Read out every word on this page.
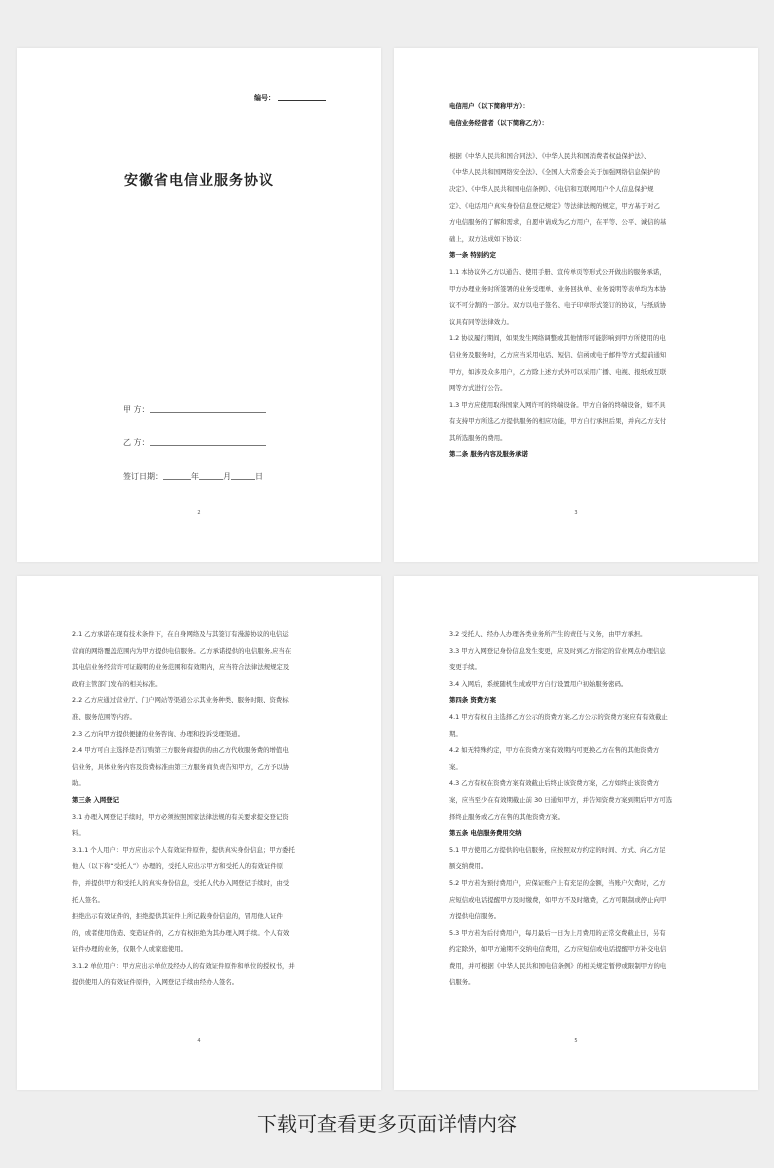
编号：
安徽省电信业服务协议
甲 方：
乙 方：
签订日期：	年	月	日
2

电信用户（以下简称甲方）：

电信业务经营者（以下简称乙方）：

根据《中华人民共和国合同法》、《中华人民共和国消费者权益保护法》、

《中华人民共和国网络安全法》、《全国人大常委会关于加强网络信息保护的

决定》、《中华人民共和国电信条例》、《电信和互联网用户个人信息保护规

定》、《电话用户真实身份信息登记规定》等法律法规的规定，甲方基于对乙

方电信服务的了解和需求，自愿申请成为乙方用户，在平等、公平、诚信的基

础上，双方达成如下协议：

第一条 特别约定

1.1 本协议外乙方以通告、使用手册、宣传单页等形式公开做出的服务承诺，

甲方办理业务时所签署的业务受理单、业务回执单、业务说明等表单均为本协

议不可分割的一部分。双方以电子签名、电子印章形式签订的协议，与纸质协

议具有同等法律效力。

1.2 协议履行期间，如果发生网络调整或其他情形可能影响到甲方所使用的电

信业务及服务时，乙方应当采用电话、短信、信函或电子邮件等方式提前通知

甲方，如涉及众多用户，乙方除上述方式外可以采用广播、电视、报纸或互联

网等方式进行公告。

1.3 甲方应使用取得国家入网许可的终端设备。甲方自备的终端设备，如不具

有支持甲方所选乙方提供服务的相应功能，甲方自行承担后果，并向乙方支付

其所选服务的费用。

第二条 服务内容及服务承诺

3

2.1 乙方承诺在现有技术条件下，在自身网络及与其签订有漫游协议的电信运

营商的网络覆盖范围内为甲方提供电信服务。乙方承诺提供的电信服务,应当在

其电信业务经营许可证载明的业务范围和有效期内，应当符合法律法规规定及

政府主管部门发布的相关标准。

2.2 乙方应通过营业厅、门户网站等渠道公示其业务种类、服务时限、资费标

准、服务范围等内容。

2.3 乙方向甲方提供便捷的业务咨询、办理和投诉受理渠道。

2.4 甲方可自主选择是否订购第三方服务商提供的由乙方代收服务费的增值电

信业务，具体业务内容及资费标准由第三方服务商负责告知甲方，乙方予以协

助。

第三条 入网登记

3.1 办理入网登记手续时，甲方必须按照国家法律法规的有关要求提交登记资

料。

3.1.1 个人用户：甲方应出示个人有效证件原件，提供真实身份信息；甲方委托

他人（以下称“受托人”）办理的，受托人应出示甲方和受托人的有效证件原

件，并提供甲方和受托人的真实身份信息，受托人代办入网登记手续时，由受

托人签名。

拒绝出示有效证件的，拒绝提供其证件上所记载身份信息的，冒用他人证件

的，或者使用伪造、变造证件的，乙方有权拒绝为其办理入网手续。个人有效

证件办理的业务，仅限个人或家庭使用。

3.1.2 单位用户：甲方应出示单位及经办人的有效证件原件和单位的授权书，并

提供使用人的有效证件原件，入网登记手续由经办人签名。

4

3.2 受托人、经办人办理各类业务所产生的责任与义务，由甲方承担。

3.3 甲方入网登记身份信息发生变更，应及时到乙方指定的营业网点办理信息

变更手续。

3.4 入网后，系统随机生成或甲方自行设置用户初始服务密码。

第四条 资费方案

4.1 甲方有权自主选择乙方公示的资费方案,乙方公示的资费方案应有有效截止

期。

4.2 如无特殊约定，甲方在资费方案有效期内可更换乙方在售的其他资费方

案。

4.3 乙方有权在资费方案有效截止后终止该资费方案，乙方如终止该资费方

案，应当至少在有效期截止前 30 日通知甲方，并告知资费方案到期后甲方可选

择终止服务或乙方在售的其他资费方案。

第五条 电信服务费用交纳

5.1 甲方使用乙方提供的电信服务，应按照双方约定的时间、方式、向乙方足

额交纳费用。

5.2 甲方若为预付费用户，应保证账户上有充足的金额，当账户欠费时，乙方

应短信或电话提醒甲方及时缴费，如甲方不及时缴费，乙方可限制或停止向甲

方提供电信服务。

5.3 甲方若为后付费用户，每月最后一日为上月费用的正常交费截止日，另有

约定除外，如甲方逾期不交纳电信费用，乙方应短信或电话提醒甲方补交电信

费用，并可根据《中华人民共和国电信条例》的相关规定暂停或限制甲方的电

信服务。

5
下载可查看更多页面详情内容
